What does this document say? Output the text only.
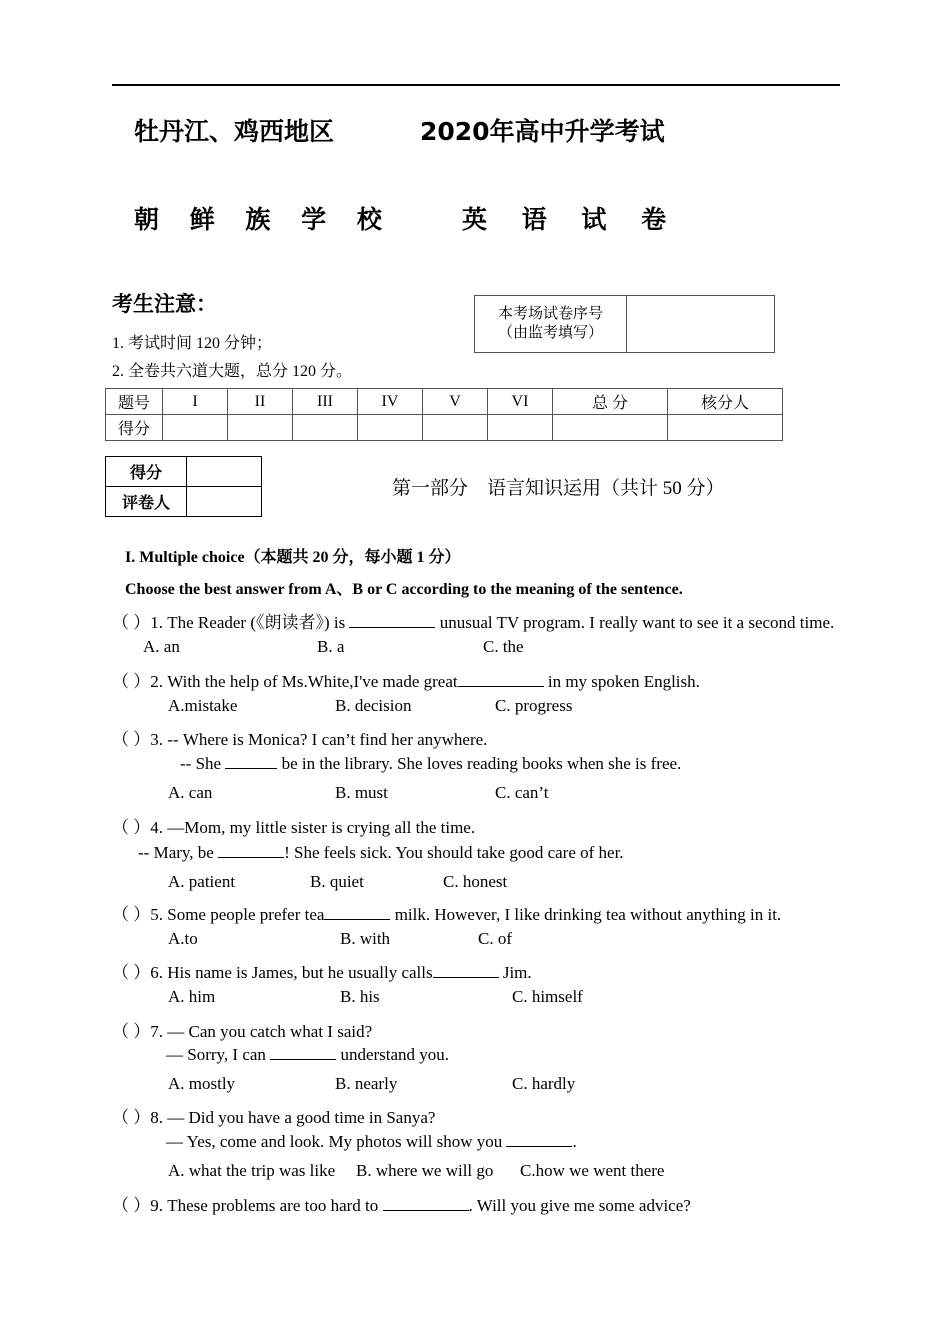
牡丹江、鸡西地区	2020年高中升学考试
朝 鲜 族 学 校	英 语 试 卷
考生注意：
1. 考试时间 120 分钟；
2. 全卷共六道大题，总分 120 分。
本考场试卷序号
（由监考填写）
题号	I	II	III	IV	V	VI	总 分	核分人
得分								
得分	
评卷人	
第一部分　语言知识运用（共计 50 分）
I. Multiple choice（本题共 20 分，每小题 1 分）
Choose the best answer from A、B or C according to the meaning of the sentence.
（ ）1. The Reader (《朗读者》) is	unusual TV program. I really want to see it a second time.
A. an	B. a	C. the
（ ）2. With the help of Ms.White,I've made great	in my spoken English.
A.mistake	B. decision	C. progress
（ ）3. -- Where is Monica? I can’t find her anywhere.
-- She	be in the library. She loves reading books when she is free.
A. can	B. must	C. can’t
（ ）4. —Mom, my little sister is crying all the time.
-- Mary, be	! She feels sick. You should take good care of her.
A. patient	B. quiet	C. honest
（ ）5. Some people prefer tea	milk. However, I like drinking tea without anything in it.
A.to	B. with	C. of
（ ）6. His name is James, but he usually calls	Jim.
A. him	B. his	C. himself
（ ）7. — Can you catch what I said?
— Sorry, I can	understand you.
A. mostly	B. nearly	C. hardly
（ ）8. — Did you have a good time in Sanya?
— Yes, come and look. My photos will show you	.
A. what the trip was like B. where we will go C.how we went there
（ ）9. These problems are too hard to	. Will you give me some advice?
